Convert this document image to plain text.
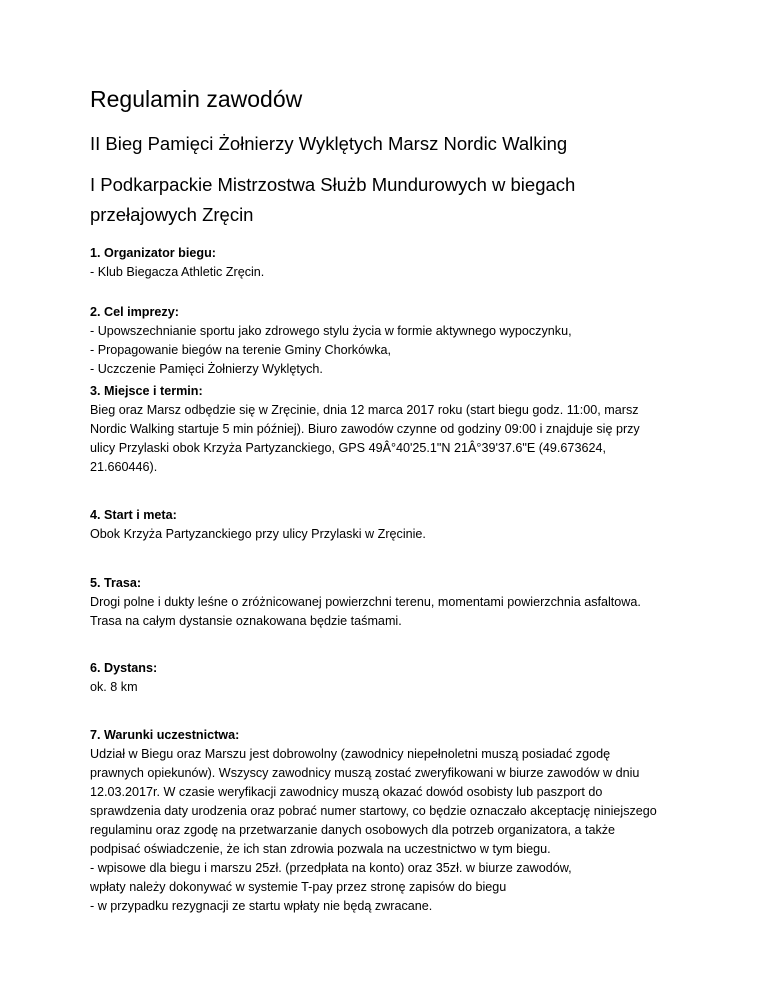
Regulamin zawodów
II Bieg Pamięci Żołnierzy Wyklętych Marsz Nordic Walking
I Podkarpackie Mistrzostwa Służb Mundurowych w biegach przełajowych Zręcin

1. Organizator biegu:

- Klub Biegacza Athletic Zręcin.

2. Cel imprezy:

- Upowszechnianie sportu jako zdrowego stylu życia w formie aktywnego wypoczynku,

- Propagowanie biegów na terenie Gminy Chorkówka,

- Uczczenie Pamięci Żołnierzy Wyklętych.

3. Miejsce i termin:

Bieg oraz Marsz odbędzie się w Zręcinie, dnia 12 marca 2017 roku (start biegu godz. 11:00, marsz

Nordic Walking startuje 5 min później). Biuro zawodów czynne od godziny 09:00 i znajduje się przy

ulicy Przylaski obok Krzyża Partyzanckiego, GPS 49Â°40'25.1"N 21Â°39'37.6"E (49.673624,

21.660446).

4. Start i meta:

Obok Krzyża Partyzanckiego przy ulicy Przylaski w Zręcinie.

5. Trasa:

Drogi polne i dukty leśne o zróżnicowanej powierzchni terenu, momentami powierzchnia asfaltowa.

Trasa na całym dystansie oznakowana będzie taśmami.

6. Dystans:

ok. 8 km

7. Warunki uczestnictwa:

Udział w Biegu oraz Marszu jest dobrowolny (zawodnicy niepełnoletni muszą posiadać zgodę

prawnych opiekunów). Wszyscy zawodnicy muszą zostać zweryfikowani w biurze zawodów w dniu

12.03.2017r. W czasie weryfikacji zawodnicy muszą okazać dowód osobisty lub paszport do

sprawdzenia daty urodzenia oraz pobrać numer startowy, co będzie oznaczało akceptację niniejszego

regulaminu oraz zgodę na przetwarzanie danych osobowych dla potrzeb organizatora, a także

podpisać oświadczenie, że ich stan zdrowia pozwala na uczestnictwo w tym biegu.

- wpisowe dla biegu i marszu 25zł. (przedpłata na konto) oraz 35zł. w biurze zawodów,

wpłaty należy dokonywać w systemie T-pay przez stronę zapisów do biegu

- w przypadku rezygnacji ze startu wpłaty nie będą zwracane.
